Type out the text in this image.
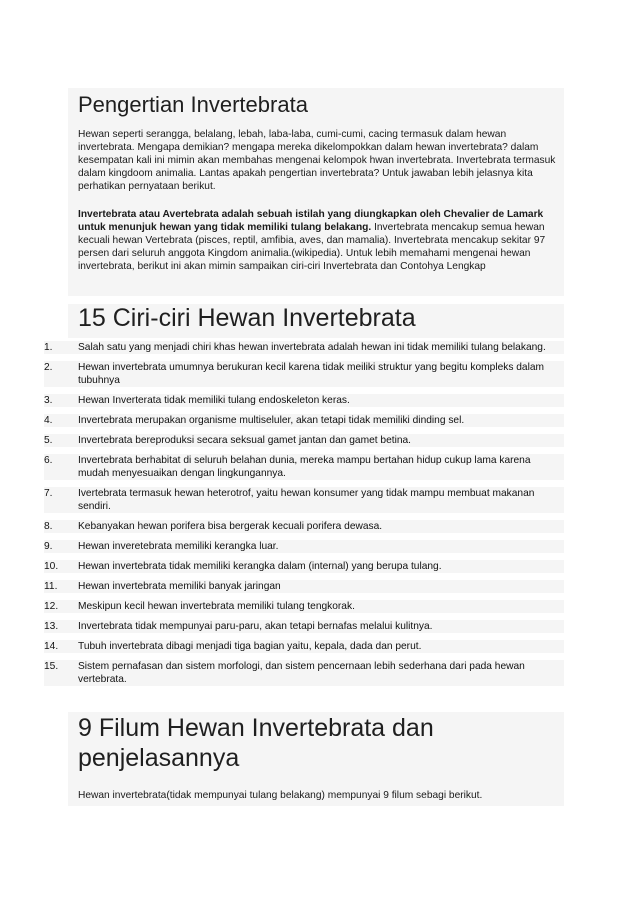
Pengertian Invertebrata

Hewan seperti serangga, belalang, lebah, laba-laba, cumi-cumi, cacing termasuk dalam hewan invertebrata. Mengapa demikian? mengapa mereka dikelompokkan dalam hewan invertebrata? dalam kesempatan kali ini mimin akan membahas mengenai kelompok hwan invertebrata. Invertebrata termasuk dalam kingdoom animalia. Lantas apakah pengertian invertebrata? Untuk jawaban lebih jelasnya kita perhatikan pernyataan berikut.

Invertebrata atau Avertebrata adalah sebuah istilah yang diungkapkan oleh Chevalier de Lamark untuk menunjuk hewan yang tidak memiliki tulang belakang. Invertebrata mencakup semua hewan kecuali hewan Vertebrata (pisces, reptil, amfibia, aves, dan mamalia). Invertebrata mencakup sekitar 97 persen dari seluruh anggota Kingdom animalia.(wikipedia). Untuk lebih memahami mengenai hewan invertebrata, berikut ini akan mimin sampaikan ciri-ciri Invertebrata dan Contohya Lengkap

15 Ciri-ciri Hewan Invertebrata
1.	Salah satu yang menjadi chiri khas hewan invertebrata adalah hewan ini tidak memiliki tulang belakang.
2.	Hewan invertebrata umumnya berukuran kecil karena tidak meiliki struktur yang begitu kompleks dalam tubuhnya
3.	Hewan Inverterata tidak memiliki tulang endoskeleton keras.
4.	Invertebrata merupakan organisme multiseluler, akan tetapi tidak memiliki dinding sel.
5.	Invertebrata bereproduksi secara seksual gamet jantan dan gamet betina.
6.	Invertebrata berhabitat di seluruh belahan dunia, mereka mampu bertahan hidup cukup lama karena mudah menyesuaikan dengan lingkungannya.
7.	Ivertebrata termasuk hewan heterotrof, yaitu hewan konsumer yang tidak mampu membuat makanan sendiri.
8.	Kebanyakan hewan porifera bisa bergerak kecuali porifera dewasa.
9.	Hewan inveretebrata memiliki kerangka luar.
10.	Hewan invertebrata tidak memiliki kerangka dalam (internal) yang berupa tulang.
11.	Hewan invertebrata memiliki banyak jaringan
12.	Meskipun kecil hewan invertebrata memiliki tulang tengkorak.
13.	Invertebrata tidak mempunyai paru-paru, akan tetapi bernafas melalui kulitnya.
14.	Tubuh invertebrata dibagi menjadi tiga bagian yaitu, kepala, dada dan perut.
15.	Sistem pernafasan dan sistem morfologi, dan sistem pencernaan lebih sederhana dari pada hewan vertebrata.
9 Filum Hewan Invertebrata dan
penjelasannya

Hewan invertebrata(tidak mempunyai tulang belakang) mempunyai 9 filum sebagi berikut.
